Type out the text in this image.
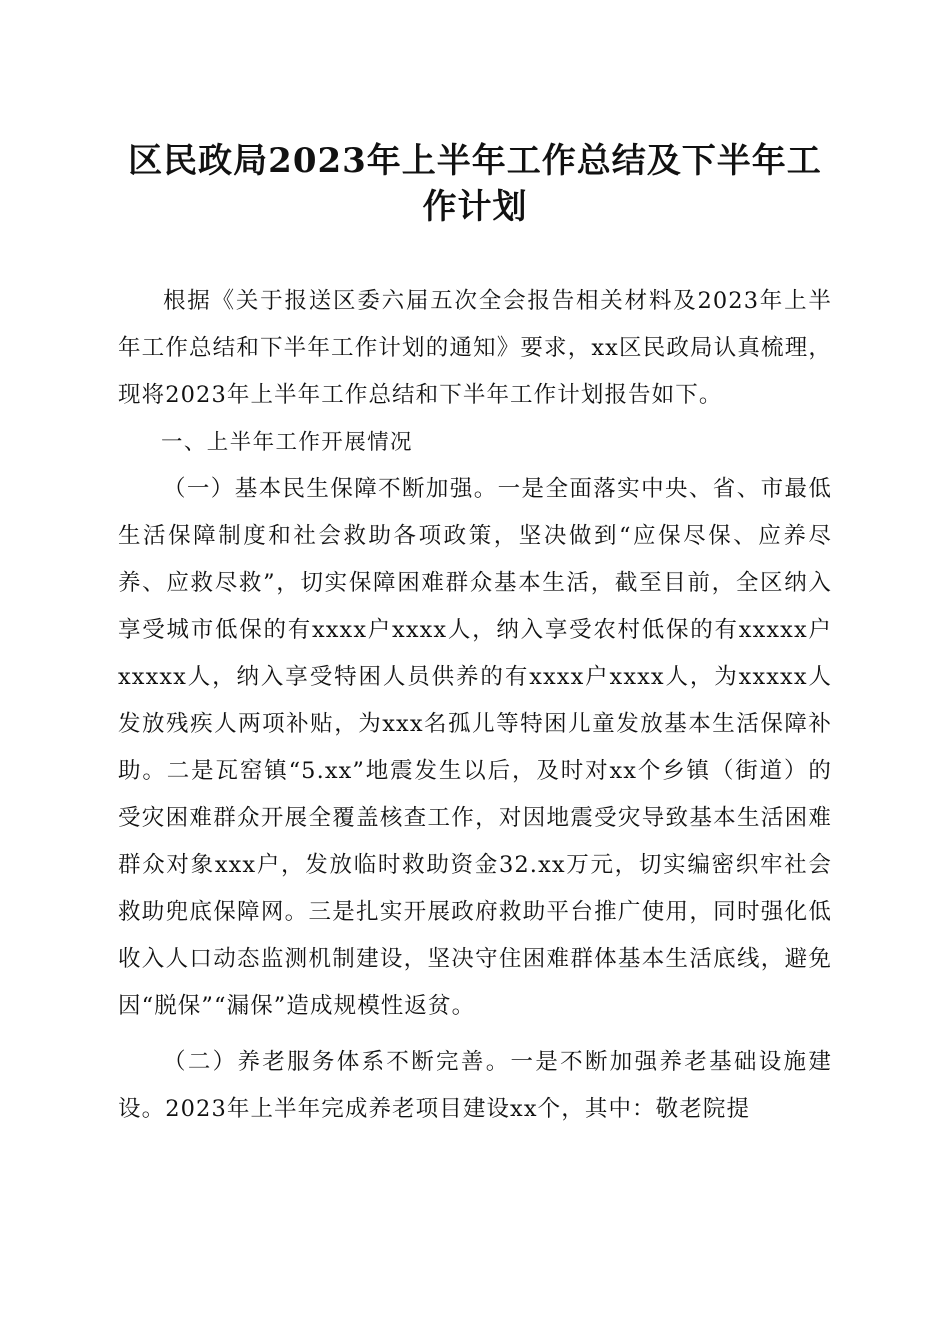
区民政局2023年上半年工作总结及下半年工作计划

根据《关于报送区委六届五次全会报告相关材料及2023年上半年工作总结和下半年工作计划的通知》要求，xx区民政局认真梳理，现将2023年上半年工作总结和下半年工作计划报告如下。

一、上半年工作开展情况

（一）基本民生保障不断加强。一是全面落实中央、省、市最低生活保障制度和社会救助各项政策，坚决做到“应保尽保、应养尽养、应救尽救”，切实保障困难群众基本生活，截至目前，全区纳入享受城市低保的有xxxx户xxxx人，纳入享受农村低保的有xxxxx户xxxxx人，纳入享受特困人员供养的有xxxx户xxxx人，为xxxxx人发放残疾人两项补贴，为xxx名孤儿等特困儿童发放基本生活保障补助。二是瓦窑镇“5.xx”地震发生以后，及时对xx个乡镇（街道）的受灾困难群众开展全覆盖核查工作，对因地震受灾导致基本生活困难群众对象xxx户，发放临时救助资金32.xx万元，切实编密织牢社会救助兜底保障网。三是扎实开展政府救助平台推广使用，同时强化低收入人口动态监测机制建设，坚决守住困难群体基本生活底线，避免因“脱保”“漏保”造成规模性返贫。

（二）养老服务体系不断完善。一是不断加强养老基础设施建设。2023年上半年完成养老项目建设xx个，其中：敬老院提
